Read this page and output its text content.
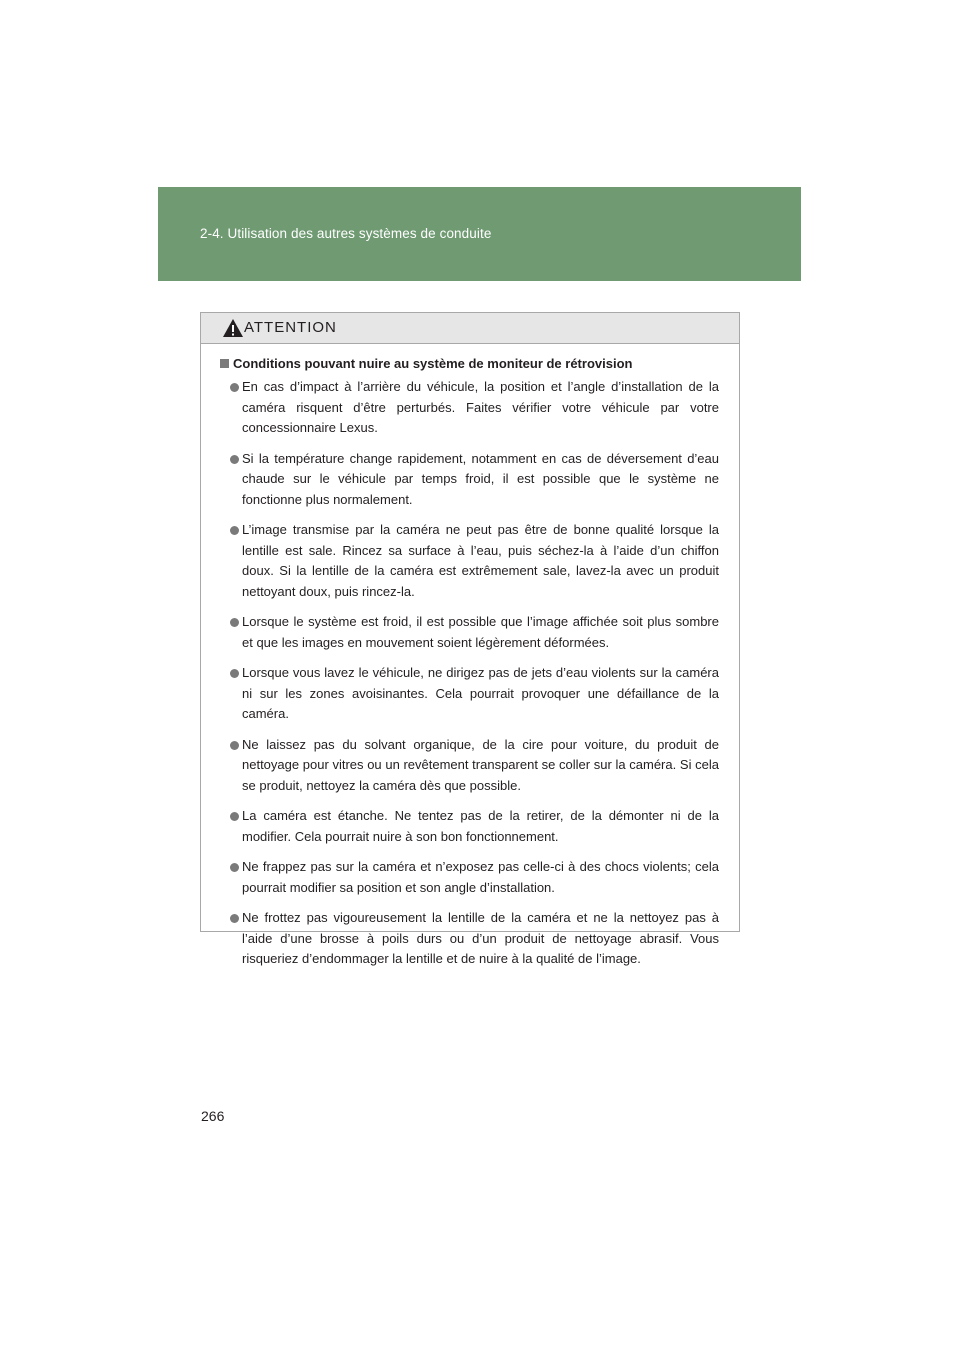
2-4. Utilisation des autres systèmes de conduite
ATTENTION
Conditions pouvant nuire au système de moniteur de rétrovision
En cas d’impact à l’arrière du véhicule, la position et l’angle d’installation de la caméra risquent d’être perturbés. Faites vérifier votre véhicule par votre concessionnaire Lexus.
Si la température change rapidement, notamment en cas de déversement d’eau chaude sur le véhicule par temps froid, il est possible que le système ne fonctionne plus normalement.
L’image transmise par la caméra ne peut pas être de bonne qualité lorsque la lentille est sale. Rincez sa surface à l’eau, puis séchez-la à l’aide d’un chiffon doux. Si la lentille de la caméra est extrêmement sale, lavez-la avec un produit nettoyant doux, puis rincez-la.
Lorsque le système est froid, il est possible que l’image affichée soit plus sombre et que les images en mouvement soient légèrement déformées.
Lorsque vous lavez le véhicule, ne dirigez pas de jets d’eau violents sur la caméra ni sur les zones avoisinantes. Cela pourrait provoquer une défaillance de la caméra.
Ne laissez pas du solvant organique, de la cire pour voiture, du produit de nettoyage pour vitres ou un revêtement transparent se coller sur la caméra. Si cela se produit, nettoyez la caméra dès que possible.
La caméra est étanche. Ne tentez pas de la retirer, de la démonter ni de la modifier. Cela pourrait nuire à son bon fonctionnement.
Ne frappez pas sur la caméra et n’exposez pas celle-ci à des chocs violents; cela pourrait modifier sa position et son angle d’installation.
Ne frottez pas vigoureusement la lentille de la caméra et ne la nettoyez pas à l’aide d’une brosse à poils durs ou d’un produit de nettoyage abrasif. Vous risqueriez d’endommager la lentille et de nuire à la qualité de l’image.
266
